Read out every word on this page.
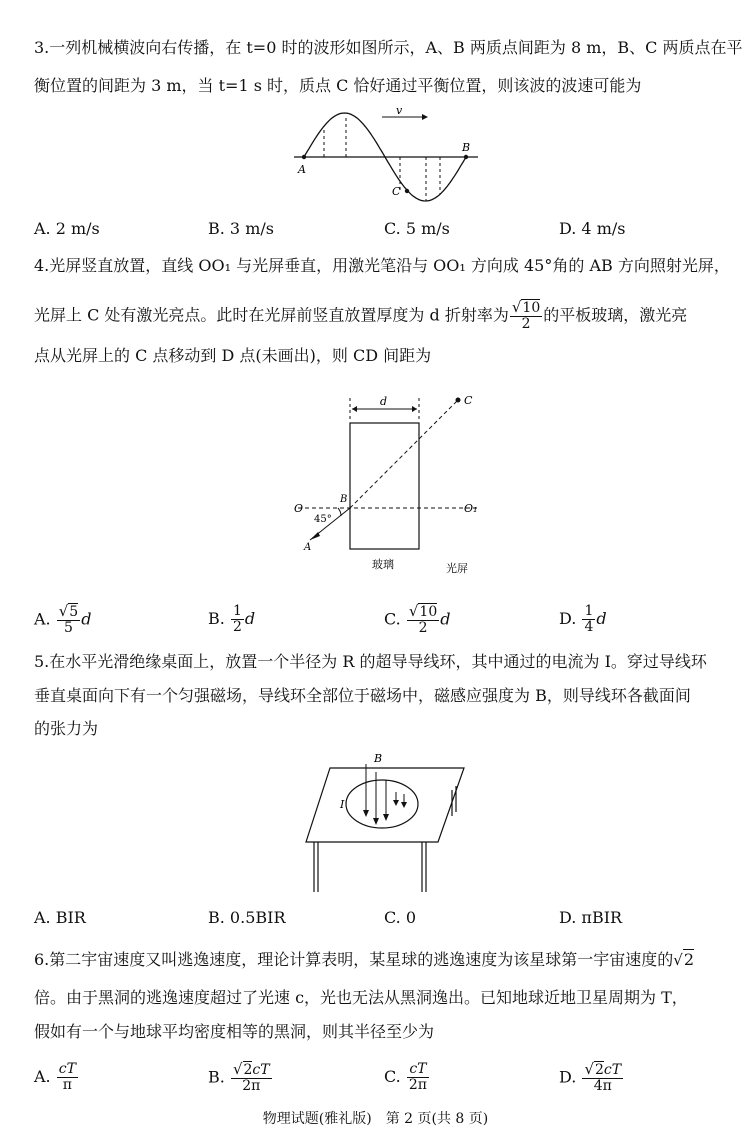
3.一列机械横波向右传播，在 t=0 时的波形如图所示，A、B 两质点间距为 8 m，B、C 两质点在平
衡位置的间距为 3 m，当 t=1 s 时，质点 C 恰好通过平衡位置，则该波的波速可能为
v
A
B
C
A. 2 m/s	B. 3 m/s	C. 5 m/s	D. 4 m/s
4.光屏竖直放置，直线 OO₁ 与光屏垂直，用激光笔沿与 OO₁ 方向成 45°角的 AB 方向照射光屏，
光屏上 C 处有激光亮点。此时在光屏前竖直放置厚度为 d 折射率为 $\frac{√10}{2}$ 的平板玻璃，激光亮
点从光屏上的 C 点移动到 D 点(未画出)，则 CD 间距为
d	C
O	O₁
B
A
45°
玻璃	光屏
A. $\frac{√5}{5}$ d	B. $\frac{1}{2}$ d	C. $\frac{√10}{2}$ d	D. $\frac{1}{4}$ d
5.在水平光滑绝缘桌面上，放置一个半径为 R 的超导导线环，其中通过的电流为 I。穿过导线环
垂直桌面向下有一个匀强磁场，导线环全部位于磁场中，磁感应强度为 B，则导线环各截面间
的张力为
B
I
A. BIR	B. 0.5BIR	C. 0	D. πBIR
6.第二宇宙速度又叫逃逸速度，理论计算表明，某星球的逃逸速度为该星球第一宇宙速度的√2
倍。由于黑洞的逃逸速度超过了光速 c，光也无法从黑洞逸出。已知地球近地卫星周期为 T，
假如有一个与地球平均密度相等的黑洞，则其半径至少为
A. $\frac{cT}{\pi}$	B. $\frac{√2cT}{2\pi}$	C. $\frac{cT}{2\pi}$	D. $\frac{√2cT}{4\pi}$
物理试题(雅礼版)　第 2 页(共 8 页)
